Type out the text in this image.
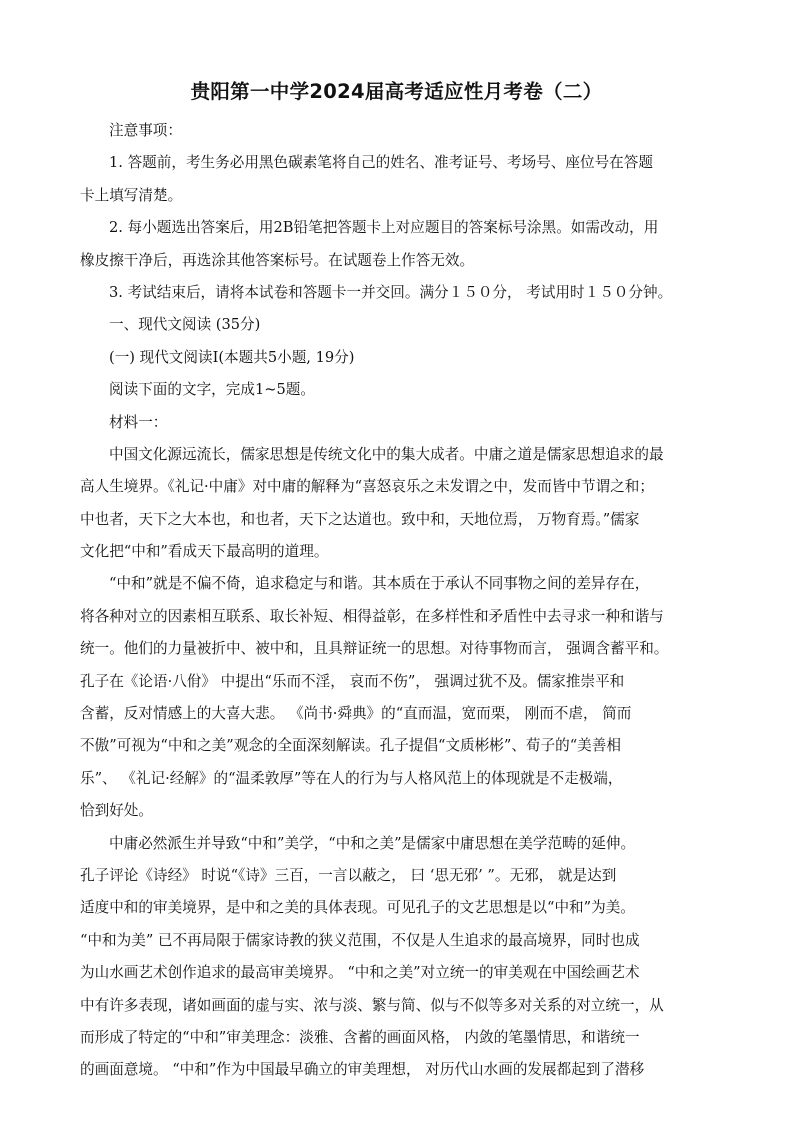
贵阳第一中学2024届高考适应性月考卷（二）
注意事项：
1. 答题前，考生务必用黑色碳素笔将自己的姓名、准考证号、考场号、座位号在答题
卡上填写清楚。
2. 每小题选出答案后，用2B铅笔把答题卡上对应题目的答案标号涂黑。如需改动，用
橡皮擦干净后，再选涂其他答案标号。在试题卷上作答无效。
3. 考试结束后，请将本试卷和答题卡一并交回。满分１５０分， 考试用时１５０分钟。
一、现代文阅读 (35分)
(一) 现代文阅读Ⅰ(本题共5小题, 19分)
阅读下面的文字，完成1~5题。
材料一：
中国文化源远流长，儒家思想是传统文化中的集大成者。中庸之道是儒家思想追求的最
高人生境界。《礼记·中庸》对中庸的解释为“喜怒哀乐之未发谓之中，发而皆中节谓之和；
中也者，天下之大本也，和也者，天下之达道也。致中和，天地位焉， 万物育焉。”儒家
文化把“中和”看成天下最高明的道理。
“中和”就是不偏不倚，追求稳定与和谐。其本质在于承认不同事物之间的差异存在，
将各种对立的因素相互联系、取长补短、相得益彰，在多样性和矛盾性中去寻求一种和谐与
统一。他们的力量被折中、被中和，且具辩证统一的思想。对待事物而言， 强调含蓄平和。
孔子在《论语·八佾》 中提出“乐而不淫， 哀而不伤”， 强调过犹不及。儒家推崇平和
含蓄，反对情感上的大喜大悲。 《尚书·舜典》的“直而温，宽而栗， 刚而不虐， 简而
不傲”可视为“中和之美”观念的全面深刻解读。孔子提倡“文质彬彬”、荀子的“美善相
乐”、 《礼记·经解》的“温柔敦厚”等在人的行为与人格风范上的体现就是不走极端，
恰到好处。
中庸必然派生并导致“中和”美学，“中和之美”是儒家中庸思想在美学范畴的延伸。
孔子评论《诗经》 时说“《诗》三百，一言以蔽之， 曰 ‘思无邪’ ”。无邪， 就是达到
适度中和的审美境界，是中和之美的具体表现。可见孔子的文艺思想是以“中和”为美。
“中和为美” 已不再局限于儒家诗教的狭义范围，不仅是人生追求的最高境界，同时也成
为山水画艺术创作追求的最高审美境界。 “中和之美”对立统一的审美观在中国绘画艺术
中有许多表现，诸如画面的虚与实、浓与淡、繁与简、似与不似等多对关系的对立统一，从
而形成了特定的“中和”审美理念：淡雅、含蓄的画面风格， 内敛的笔墨情思，和谐统一
的画面意境。 “中和”作为中国最早确立的审美理想， 对历代山水画的发展都起到了潜移
